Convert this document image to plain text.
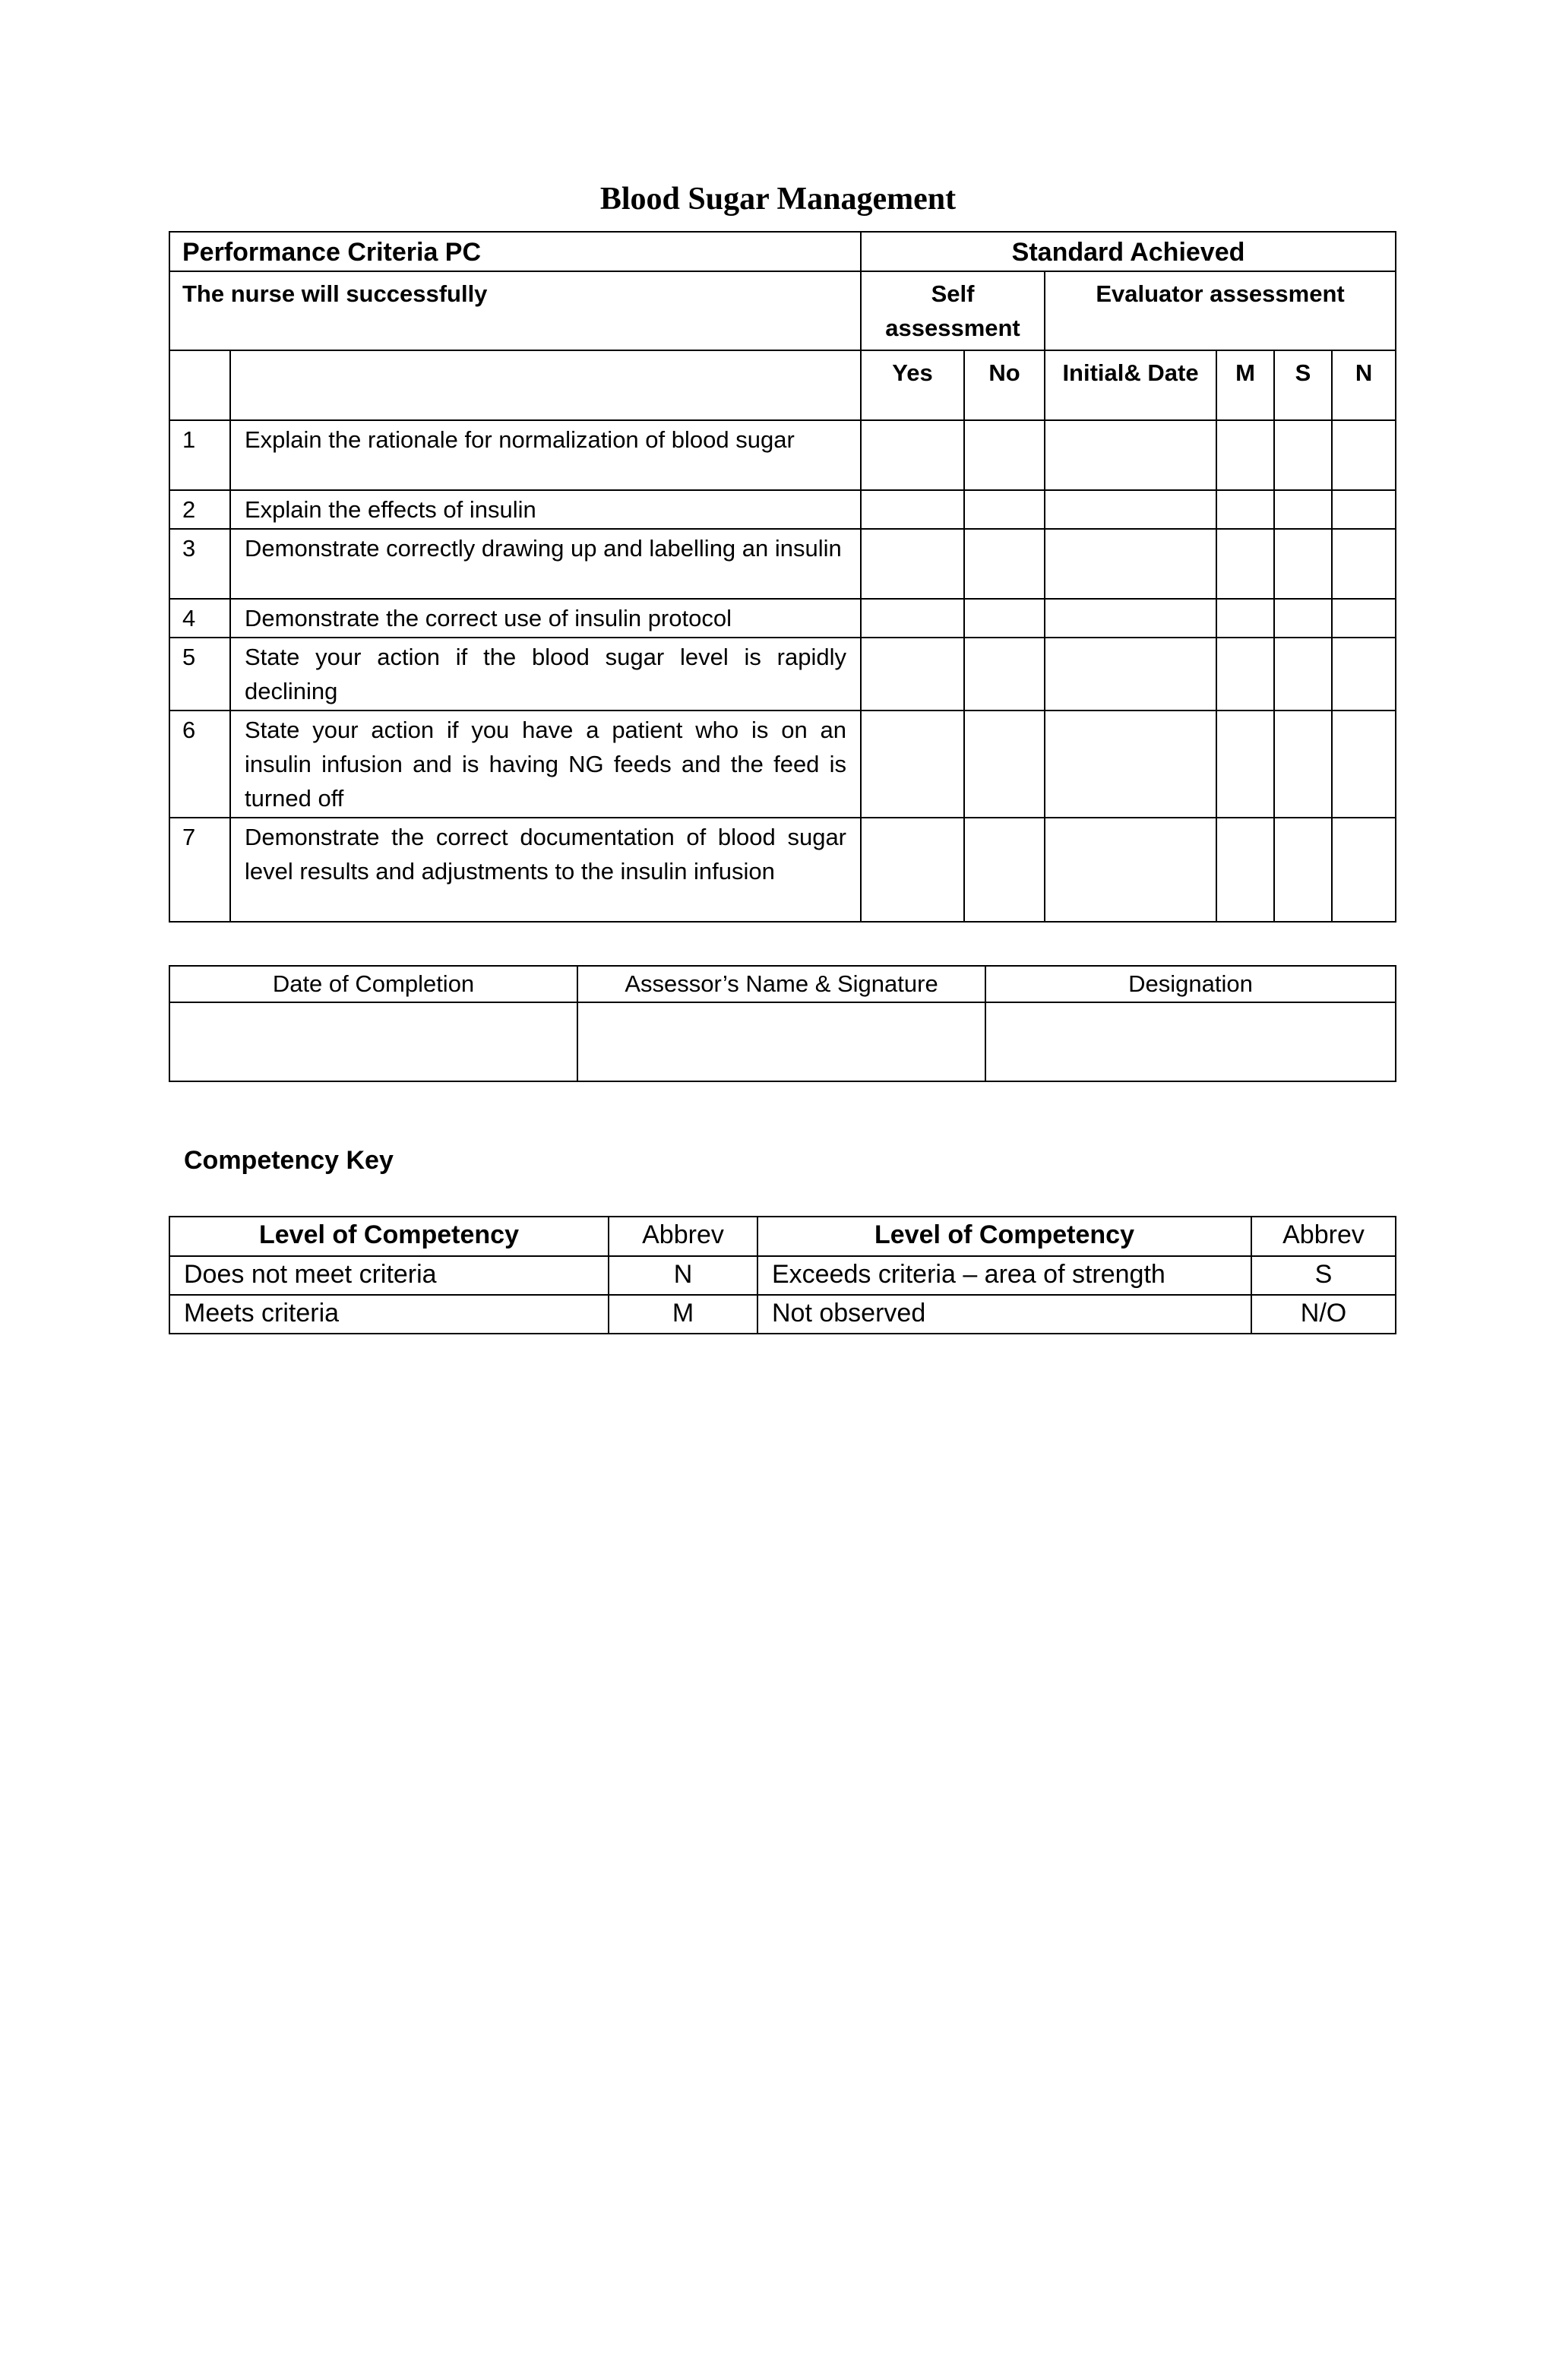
Blood Sugar Management
Performance Criteria PC		Standard Achieved					
The nurse will successfully		Self assessment		Evaluator assessment			
		Yes	No	Initial& Date	M	S	N
1	Explain the rationale for normalization of blood sugar						
2	Explain the effects of insulin						
3	Demonstrate correctly drawing up and labelling an insulin						
4	Demonstrate the correct use of insulin protocol						
5	State your action if the blood sugar level is rapidly declining						
6	State your action if you have a patient who is on an insulin infusion and is having NG feeds and the feed is turned off						
7	Demonstrate the correct documentation of blood sugar level results and adjustments to the insulin infusion						
Date of Completion	Assessor’s Name & Signature	Designation

Competency Key
Level of Competency	Abbrev	Level of Competency	Abbrev
Does not meet criteria	N	Exceeds criteria – area of strength	S
Meets criteria	M	Not observed	N/O
